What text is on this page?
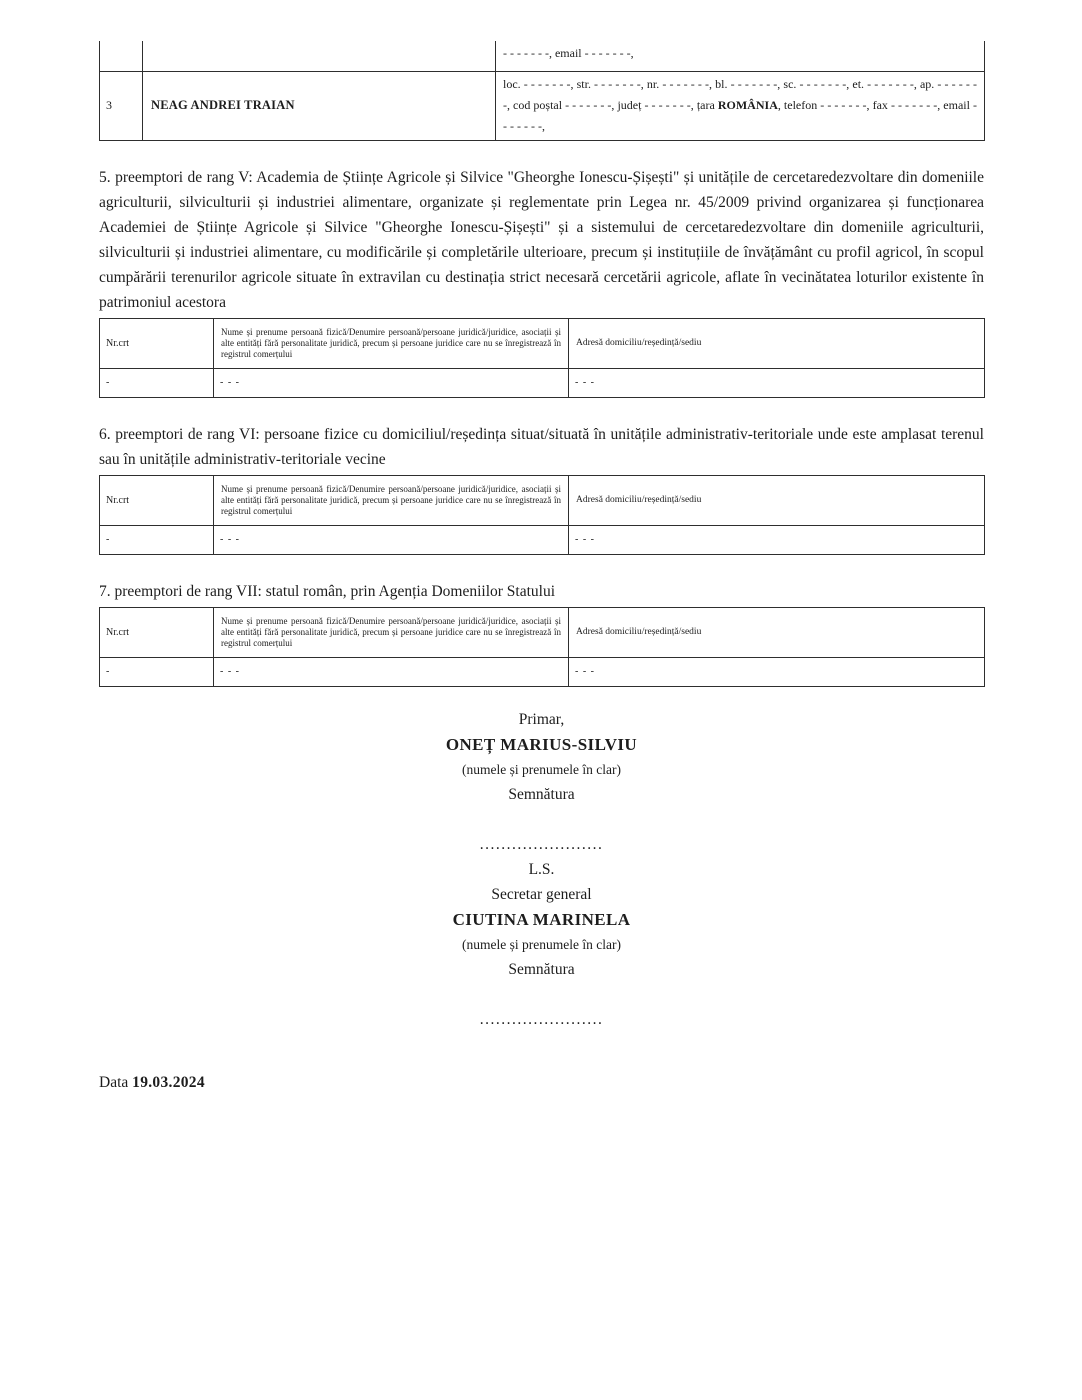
		- - - - - - -, email - - - - - - -,
3	NEAG ANDREI TRAIAN	loc. - - - - - - -, str. - - - - - - -, nr. - - - - - - -, bl. - - - - - - -, sc. - - - - - - -, et. - - - - - - -, ap. - - - - - - -, cod poștal - - - - - - -, județ - - - - - - -, țara ROMÂNIA, telefon - - - - - - -, fax - - - - - - -, email - - - - - - -,

5. preemptori de rang V: Academia de Științe Agricole și Silvice "Gheorghe Ionescu-Șișești" și unitățile de cercetaredezvoltare din domeniile agriculturii, silviculturii și industriei alimentare, organizate și reglementate prin Legea nr. 45/2009 privind organizarea și funcționarea Academiei de Științe Agricole și Silvice "Gheorghe Ionescu-Șișești" și a sistemului de cercetaredezvoltare din domeniile agriculturii, silviculturii și industriei alimentare, cu modificările și completările ulterioare, precum și instituțiile de învățământ cu profil agricol, în scopul cumpărării terenurilor agricole situate în extravilan cu destinația strict necesară cercetării agricole, aflate în vecinătatea loturilor existente în patrimoniul acestora

Nr.crt	Nume și prenume persoană fizică/Denumire persoană/persoane juridică/juridice, asociații și alte entități fără personalitate juridică, precum și persoane juridice care nu se înregistrează în registrul comerțului	Adresă domiciliu/reședință/sediu
-	- - -	- - -

6. preemptori de rang VI: persoane fizice cu domiciliul/reședința situat/situată în unitățile administrativ-teritoriale unde este amplasat terenul sau în unitățile administrativ-teritoriale vecine

Nr.crt	Nume și prenume persoană fizică/Denumire persoană/persoane juridică/juridice, asociații și alte entități fără personalitate juridică, precum și persoane juridice care nu se înregistrează în registrul comerțului	Adresă domiciliu/reședință/sediu
-	- - -	- - -

7. preemptori de rang VII: statul român, prin Agenția Domeniilor Statului

Nr.crt	Nume și prenume persoană fizică/Denumire persoană/persoane juridică/juridice, asociații și alte entități fără personalitate juridică, precum și persoane juridice care nu se înregistrează în registrul comerțului	Adresă domiciliu/reședință/sediu
-	- - -	- - -
Primar,
ONEȚ MARIUS-SILVIU
(numele și prenumele în clar)
Semnătura
.......................
L.S.
Secretar general
CIUTINA MARINELA
(numele și prenumele în clar)
Semnătura
.......................

Data 19.03.2024
